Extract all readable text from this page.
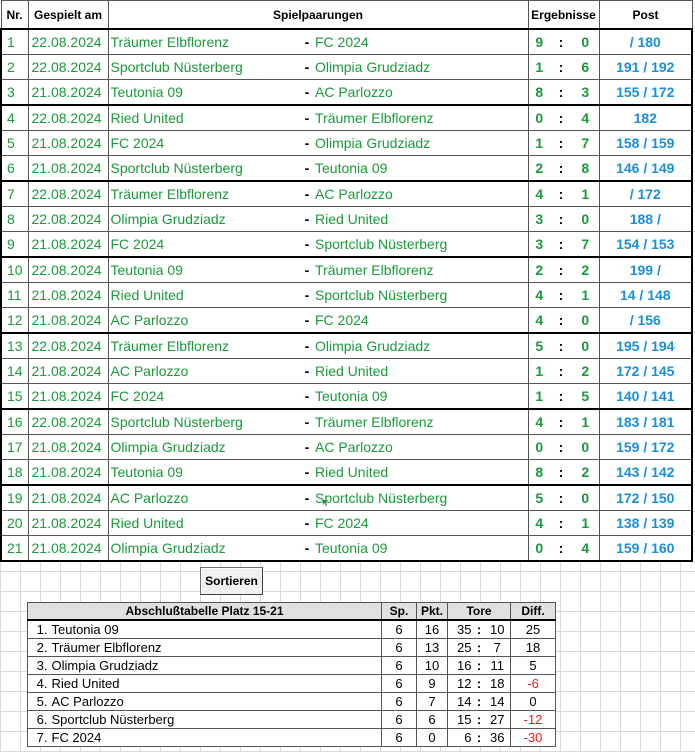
Nr.	Gespielt am	Spielpaarungen			Ergebnisse			Post
1	22.08.2024	Träumer Elbflorenz	-	FC 2024	9	:	0	/ 180
2	22.08.2024	Sportclub Nüsterberg	-	Olimpia Grudziadz	1	:	6	191 / 192
3	21.08.2024	Teutonia 09	-	AC Parlozzo	8	:	3	155 / 172
4	22.08.2024	Ried United	-	Träumer Elbflorenz	0	:	4	182
5	21.08.2024	FC 2024	-	Olimpia Grudziadz	1	:	7	158 / 159
6	21.08.2024	Sportclub Nüsterberg	-	Teutonia 09	2	:	8	146 / 149
7	22.08.2024	Träumer Elbflorenz	-	AC Parlozzo	4	:	1	/ 172
8	22.08.2024	Olimpia Grudziadz	-	Ried United	3	:	0	188 /
9	21.08.2024	FC 2024	-	Sportclub Nüsterberg	3	:	7	154 / 153
10	22.08.2024	Teutonia 09	-	Träumer Elbflorenz	2	:	2	199 /
11	21.08.2024	Ried United	-	Sportclub Nüsterberg	4	:	1	14 / 148
12	21.08.2024	AC Parlozzo	-	FC 2024	4	:	0	/ 156
13	22.08.2024	Träumer Elbflorenz	-	Olimpia Grudziadz	5	:	0	195 / 194
14	21.08.2024	AC Parlozzo	-	Ried United	1	:	2	172 / 145
15	21.08.2024	FC 2024	-	Teutonia 09	1	:	5	140 / 141
16	22.08.2024	Sportclub Nüsterberg	-	Träumer Elbflorenz	4	:	1	183 / 181
17	21.08.2024	Olimpia Grudziadz	-	AC Parlozzo	0	:	0	159 / 172
18	21.08.2024	Teutonia 09	-	Ried United	8	:	2	143 / 142
19	21.08.2024	AC Parlozzo	-	Sportclub Nüsterberg	5	:	0	172 / 150
20	21.08.2024	Ried United	-	FC 2024	4	:	1	138 / 139
21	21.08.2024	Olimpia Grudziadz	-	Teutonia 09	0	:	4	159 / 160
Sortieren
Abschlußtabelle Platz 15-21		Sp.	Pkt.	Tore			Diff.
1.	Teutonia 09	6	16	35	:	10	25
2.	Träumer Elbflorenz	6	13	25	:	7	18
3.	Olimpia Grudziadz	6	10	16	:	11	5
4.	Ried United	6	9	12	:	18	-6
5.	AC Parlozzo	6	7	14	:	14	0
6.	Sportclub Nüsterberg	6	6	15	:	27	-12
7.	FC 2024	6	0	6	:	36	-30
